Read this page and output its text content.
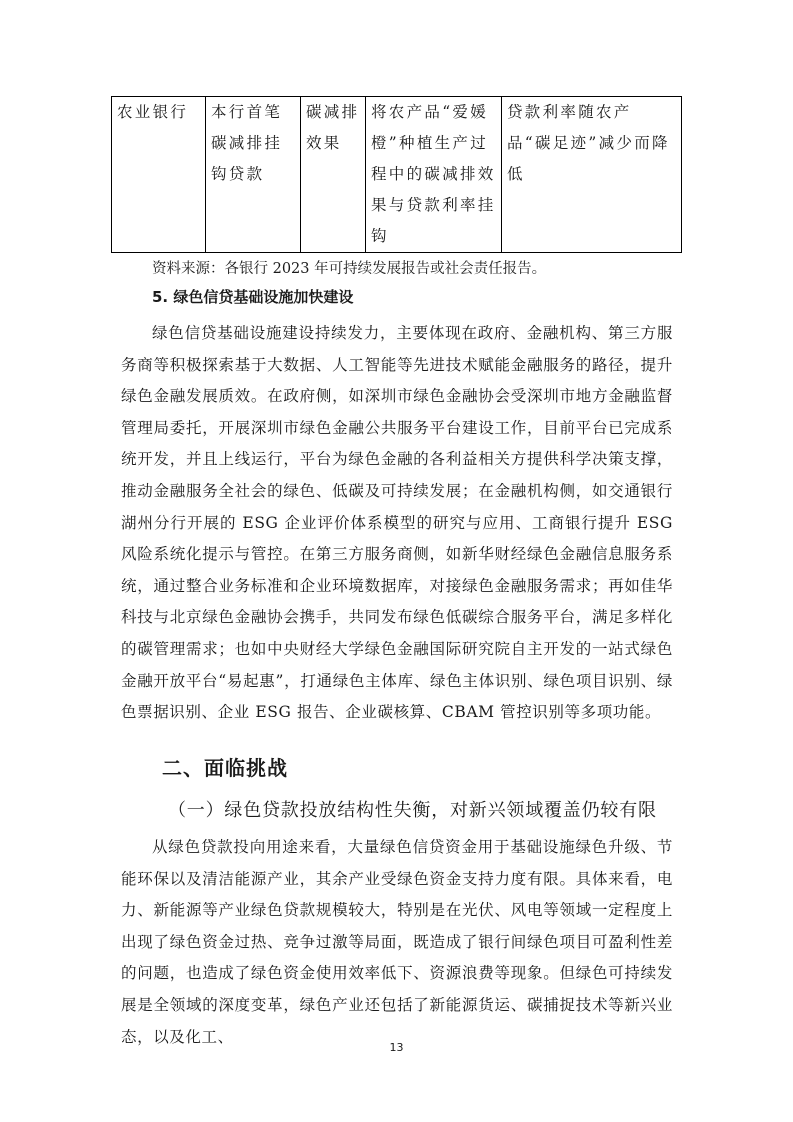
农业银行	本行首笔碳减排挂钩贷款	碳减排效果	将农产品“爱媛橙”种植生产过程中的碳减排效果与贷款利率挂钩	贷款利率随农产品“碳足迹”减少而降低
资料来源：各银行 2023 年可持续发展报告或社会责任报告。
5. 绿色信贷基础设施加快建设

绿色信贷基础设施建设持续发力，主要体现在政府、金融机构、第三方服务商等积极探索基于大数据、人工智能等先进技术赋能金融服务的路径，提升绿色金融发展质效。在政府侧，如深圳市绿色金融协会受深圳市地方金融监督管理局委托，开展深圳市绿色金融公共服务平台建设工作，目前平台已完成系统开发，并且上线运行，平台为绿色金融的各利益相关方提供科学决策支撑，推动金融服务全社会的绿色、低碳及可持续发展；在金融机构侧，如交通银行湖州分行开展的 ESG 企业评价体系模型的研究与应用、工商银行提升 ESG 风险系统化提示与管控。在第三方服务商侧，如新华财经绿色金融信息服务系统，通过整合业务标准和企业环境数据库，对接绿色金融服务需求；再如佳华科技与北京绿色金融协会携手，共同发布绿色低碳综合服务平台，满足多样化的碳管理需求；也如中央财经大学绿色金融国际研究院自主开发的一站式绿色金融开放平台“易起惠”，打通绿色主体库、绿色主体识别、绿色项目识别、绿色票据识别、企业 ESG 报告、企业碳核算、CBAM 管控识别等多项功能。

二、面临挑战
（一）绿色贷款投放结构性失衡，对新兴领域覆盖仍较有限

从绿色贷款投向用途来看，大量绿色信贷资金用于基础设施绿色升级、节能环保以及清洁能源产业，其余产业受绿色资金支持力度有限。具体来看，电力、新能源等产业绿色贷款规模较大，特别是在光伏、风电等领域一定程度上出现了绿色资金过热、竞争过激等局面，既造成了银行间绿色项目可盈利性差的问题，也造成了绿色资金使用效率低下、资源浪费等现象。但绿色可持续发展是全领域的深度变革，绿色产业还包括了新能源货运、碳捕捉技术等新兴业态，以及化工、

13
